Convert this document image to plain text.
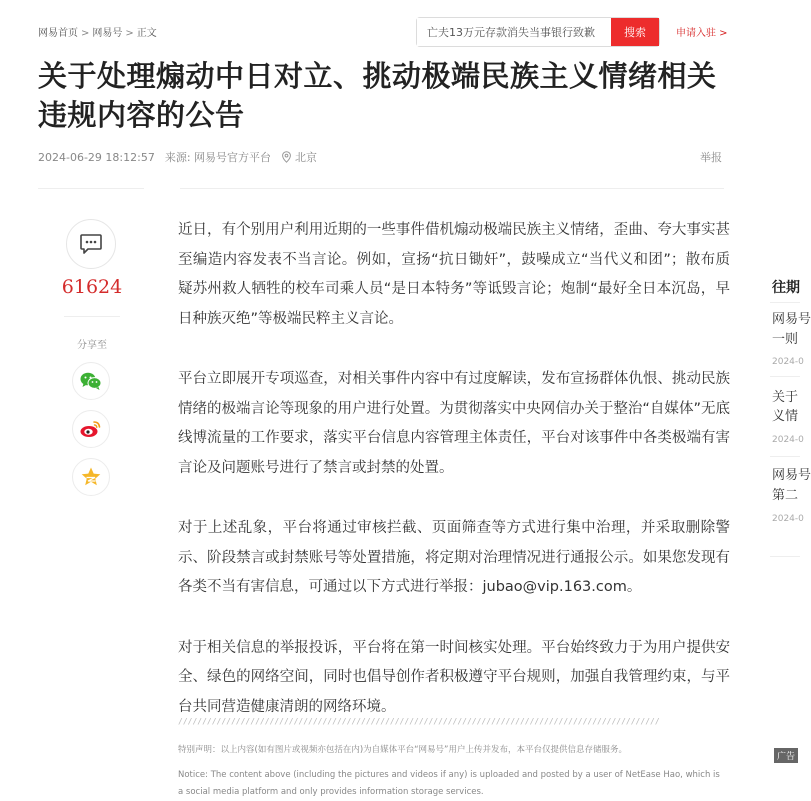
网易首页 > 网易号 > 正文
亡夫13万元存款消失当事银行致歉	搜索	申请入驻 >
关于处理煽动中日对立、挑动极端民族主义情绪相关违规内容的公告
2024-06-29 18:12:57 来源: 网易号官方平台 北京	举报
61624
分享至

近日，有个别用户利用近期的一些事件借机煽动极端民族主义情绪，歪曲、夸大事实甚至编造内容发表不当言论。例如，宣扬“抗日锄奸”，鼓噪成立“当代义和团”；散布质疑苏州救人牺牲的校车司乘人员“是日本特务”等诋毁言论；炮制“最好全日本沉岛，早日种族灭绝”等极端民粹主义言论。

平台立即展开专项巡查，对相关事件内容中有过度解读，发布宣扬群体仇恨、挑动民族情绪的极端言论等现象的用户进行处置。为贯彻落实中央网信办关于整治“自媒体”无底线博流量的工作要求，落实平台信息内容管理主体责任，平台对该事件中各类极端有害言论及问题账号进行了禁言或封禁的处置。

对于上述乱象，平台将通过审核拦截、页面筛查等方式进行集中治理，并采取删除警示、阶段禁言或封禁账号等处置措施，将定期对治理情况进行通报公示。如果您发现有各类不当有害信息，可通过以下方式进行举报：jubao@vip.163.com。

对于相关信息的举报投诉，平台将在第一时间核实处理。平台始终致力于为用户提供安全、绿色的网络空间，同时也倡导创作者积极遵守平台规则，加强自我管理约束，与平台共同营造健康清朗的网络环境。

////////////////////////////////////////////////////////////////////////////////////////////////////
特别声明：以上内容(如有图片或视频亦包括在内)为自媒体平台“网易号”用户上传并发布，本平台仅提供信息存储服务。
Notice: The content above (including the pictures and videos if any) is uploaded and posted by a user of NetEase Hao, which is a social media platform and only provides information storage services.
往期
网易号
一则
2024-0
关于
义情
2024-0
网易号
第二
2024-0
广告
